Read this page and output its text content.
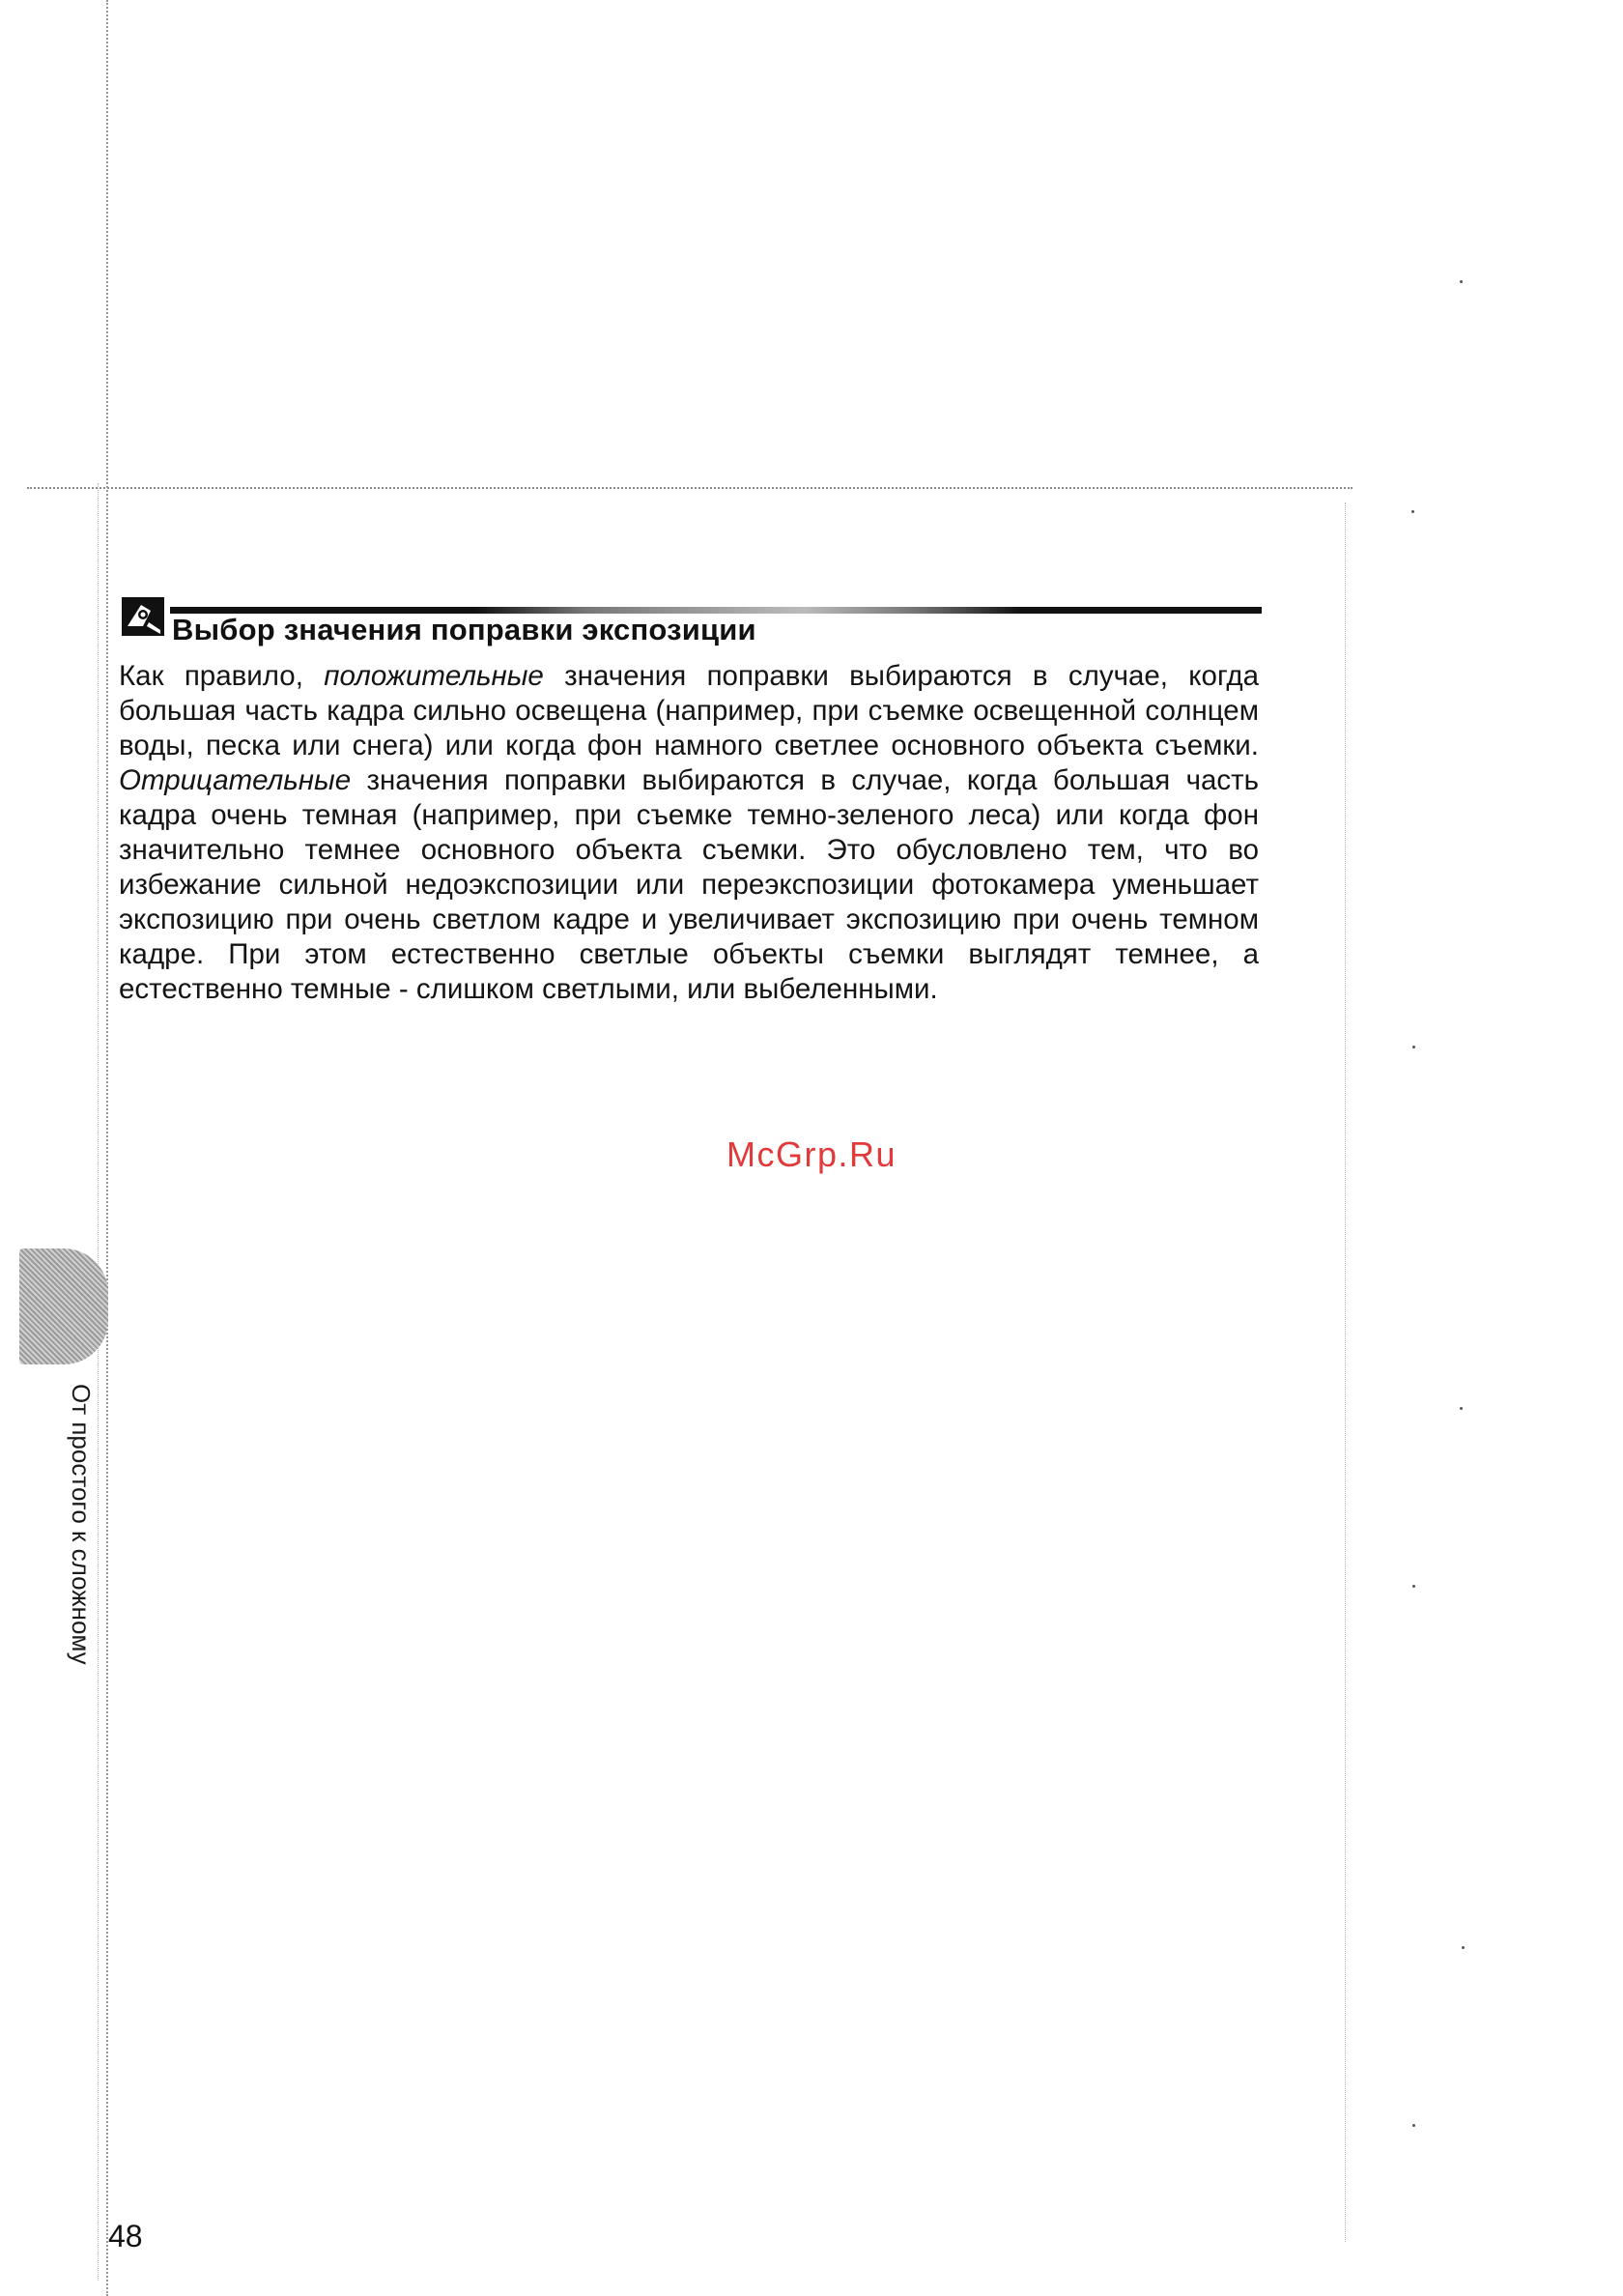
Выбор значения поправки экспозиции

Как правило, положительные значения поправки выбираются в случае, когда большая часть кадра сильно освещена (например, при съемке освещенной солнцем воды, песка или снега) или когда фон намного светлее основного объекта съемки. Отрицательные значения поправки выбираются в случае, когда большая часть кадра очень темная (например, при съемке темно-зеленого леса) или когда фон значительно темнее основного объекта съемки. Это обусловлено тем, что во избежание сильной недоэкспозиции или переэкспозиции фотокамера уменьшает экспозицию при очень светлом кадре и увеличивает экспозицию при очень темном кадре. При этом естественно светлые объекты съемки выглядят темнее, а естественно темные - слишком светлыми, или выбеленными.

McGrp.Ru
От простого к сложному
48
